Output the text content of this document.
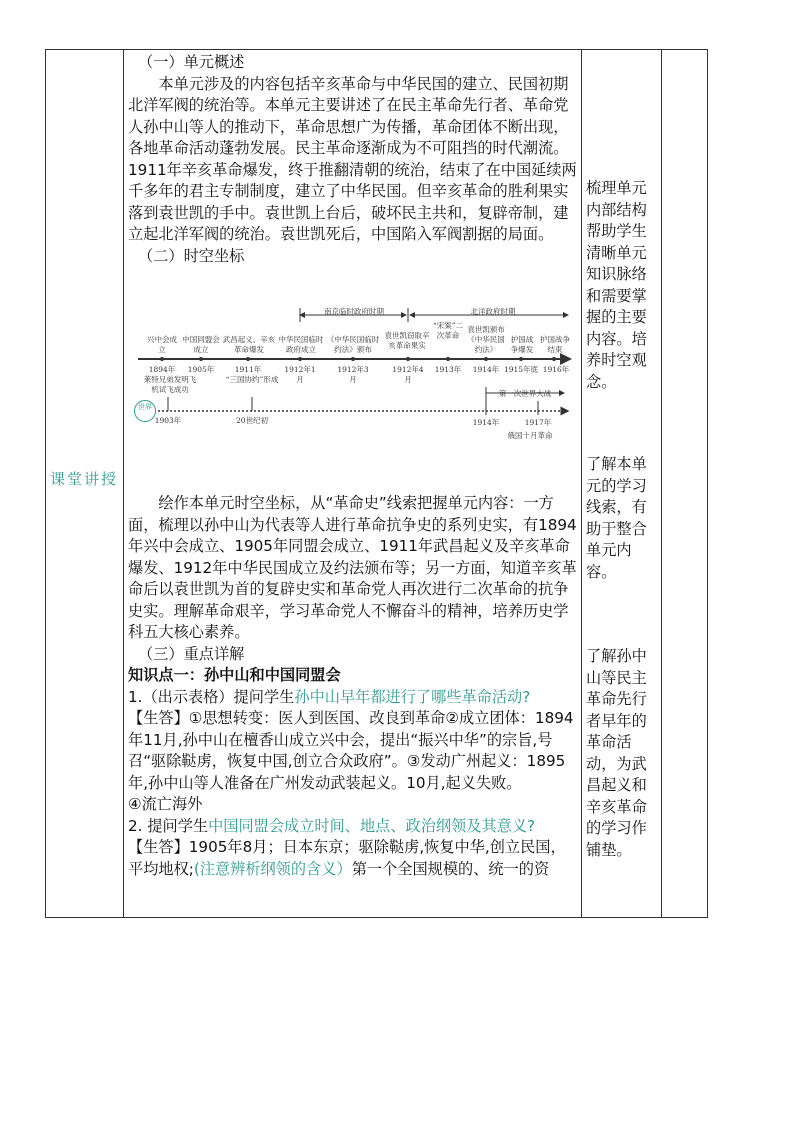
课堂讲授

（一）单元概述

本单元涉及的内容包括辛亥革命与中华民国的建立、民国初期北洋军阀的统治等。本单元主要讲述了在民主革命先行者、革命党人孙中山等人的推动下，革命思想广为传播，革命团体不断出现，各地革命活动蓬勃发展。民主革命逐渐成为不可阻挡的时代潮流。1911年辛亥革命爆发，终于推翻清朝的统治，结束了在中国延续两千多年的君主专制制度，建立了中华民国。但辛亥革命的胜利果实落到袁世凯的手中。袁世凯上台后，破坏民主共和，复辟帝制，建立起北洋军阀的统治。袁世凯死后，中国陷入军阀割据的局面。

（二）时空坐标

南京临时政府时期	北洋政府时期
兴中会成立
中国同盟会成立
武昌起义、辛亥革命爆发
中华民国临时政府成立
《中华民国临时约法》颁布
袁世凯窃取辛亥革命果实
“宋案”二次革命
袁世凯颁布《中华民国约法》
护国战争爆发
护国战争结束
1894年	1905年	1911年	1912年1月
1912年3月
1912年4月
1913年	1914年 1915年底 1916年
世界
莱特兄弟发明飞机试飞成功
“三国协约”形成
1903年	20世纪初
第一次世界大战
1914年	1917年
俄国十月革命

绘作本单元时空坐标，从“革命史”线索把握单元内容：一方面，梳理以孙中山为代表等人进行革命抗争史的系列史实，有1894年兴中会成立、1905年同盟会成立、1911年武昌起义及辛亥革命爆发、1912年中华民国成立及约法颁布等；另一方面，知道辛亥革命后以袁世凯为首的复辟史实和革命党人再次进行二次革命的抗争史实。理解革命艰辛，学习革命党人不懈奋斗的精神，培养历史学科五大核心素养。

（三）重点详解

知识点一：孙中山和中国同盟会

1.（出示表格）提问学生孙中山早年都进行了哪些革命活动?

【生答】①思想转变：医人到医国、改良到革命②成立团体：1894年11月,孙中山在檀香山成立兴中会，提出“振兴中华”的宗旨,号召“驱除鞑虏，恢复中国,创立合众政府”。③发动广州起义：1895年,孙中山等人准备在广州发动武装起义。10月,起义失败。

④流亡海外

2. 提问学生中国同盟会成立时间、地点、政治纲领及其意义?

【生答】1905年8月；日本东京；驱除鞑虏,恢复中华,创立民国，平均地权;(注意辨析纲领的含义）第一个全国规模的、统一的资

梳理单元内部结构帮助学生清晰单元知识脉络和需要掌握的主要内容。培养时空观念。
了解本单元的学习线索，有助于整合单元内容。
了解孙中山等民主革命先行者早年的革命活动，为武昌起义和辛亥革命的学习作铺垫。
